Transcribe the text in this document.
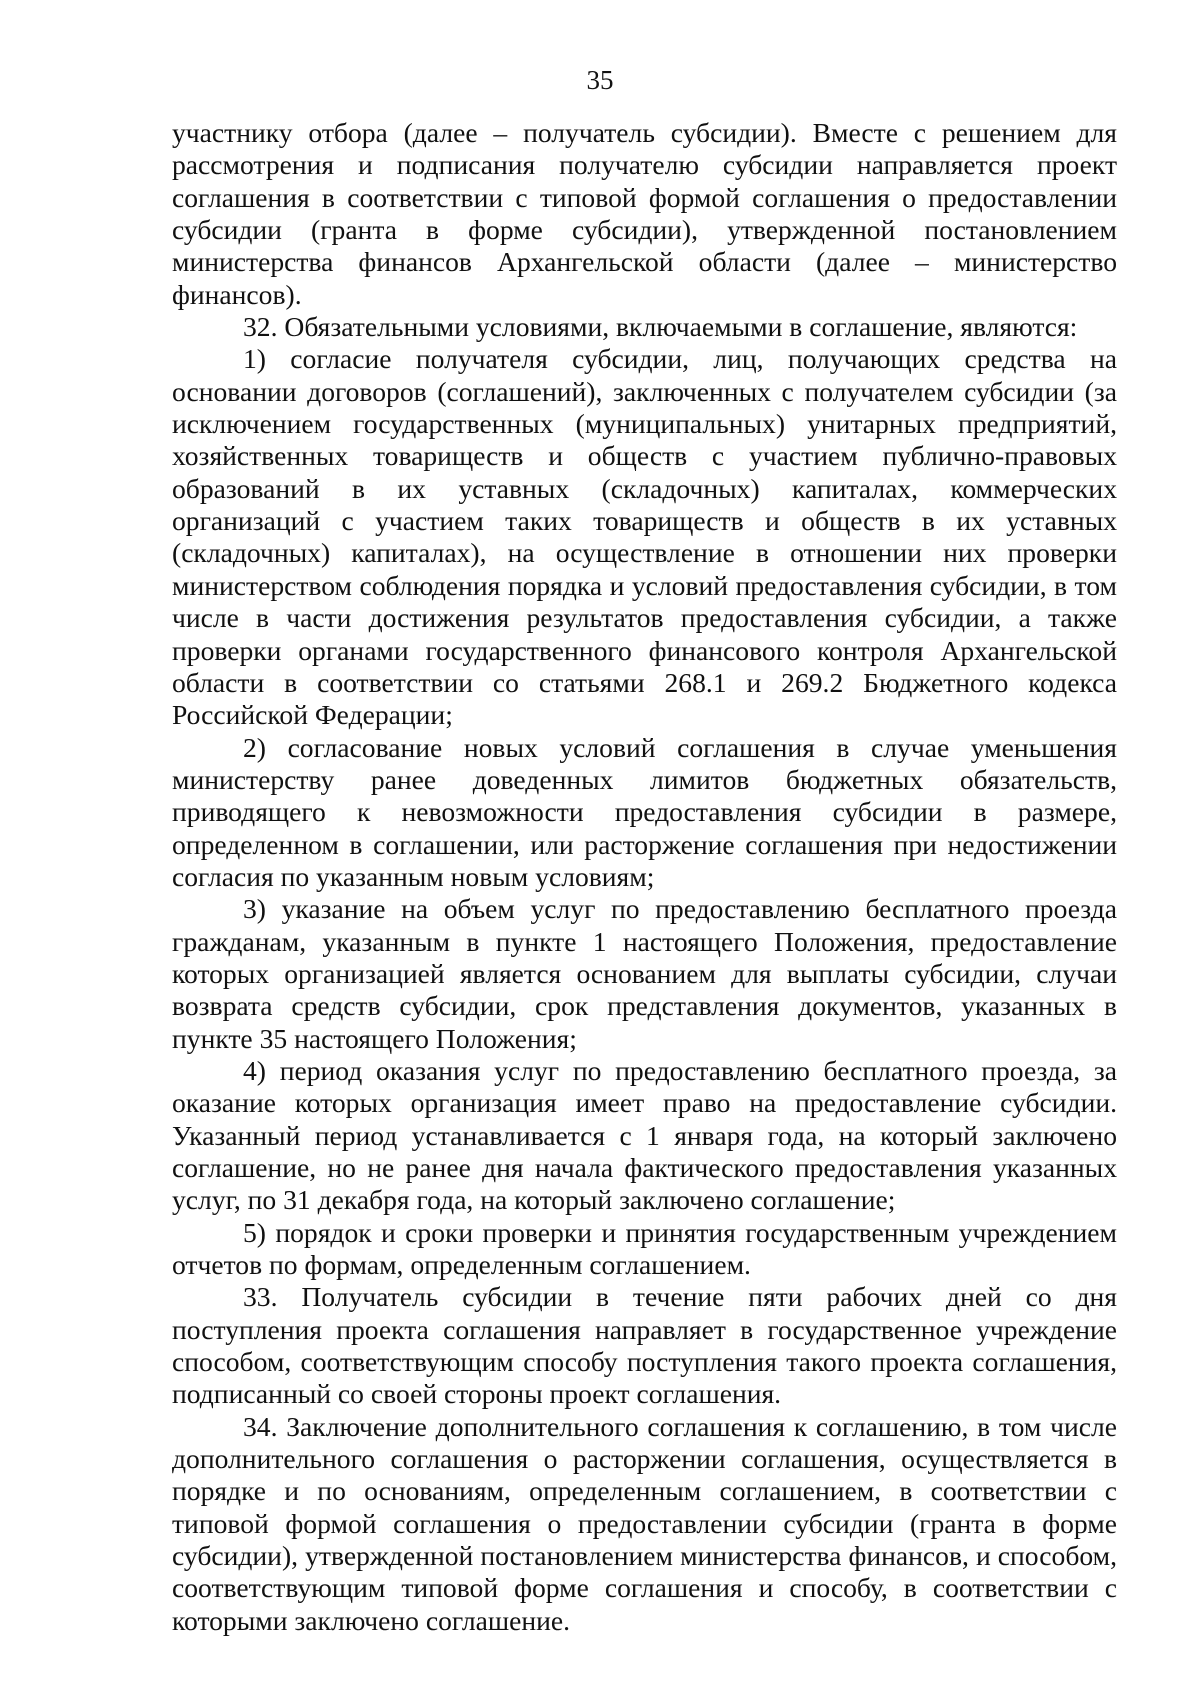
35

участнику отбора (далее – получатель субсидии). Вместе с решением для рассмотрения и подписания получателю субсидии направляется проект соглашения в соответствии с типовой формой соглашения о предоставлении субсидии (гранта в форме субсидии), утвержденной постановлением министерства финансов Архангельской области (далее – министерство финансов).

32. Обязательными условиями, включаемыми в соглашение, являются:

1) согласие получателя субсидии, лиц, получающих средства на основании договоров (соглашений), заключенных с получателем субсидии (за исключением государственных (муниципальных) унитарных предприятий, хозяйственных товариществ и обществ с участием публично-правовых образований в их уставных (складочных) капиталах, коммерческих организаций с участием таких товариществ и обществ в их уставных (складочных) капиталах), на осуществление в отношении них проверки министерством соблюдения порядка и условий предоставления субсидии, в том числе в части достижения результатов предоставления субсидии, а также проверки органами государственного финансового контроля Архангельской области в соответствии со статьями 268.1 и 269.2 Бюджетного кодекса Российской Федерации;

2) согласование новых условий соглашения в случае уменьшения министерству ранее доведенных лимитов бюджетных обязательств, приводящего к невозможности предоставления субсидии в размере, определенном в соглашении, или расторжение соглашения при недостижении согласия по указанным новым условиям;

3) указание на объем услуг по предоставлению бесплатного проезда гражданам, указанным в пункте 1 настоящего Положения, предоставление которых организацией является основанием для выплаты субсидии, случаи возврата средств субсидии, срок представления документов, указанных в пункте 35 настоящего Положения;

4) период оказания услуг по предоставлению бесплатного проезда, за оказание которых организация имеет право на предоставление субсидии. Указанный период устанавливается с 1 января года, на который заключено соглашение, но не ранее дня начала фактического предоставления указанных услуг, по 31 декабря года, на который заключено соглашение;

5) порядок и сроки проверки и принятия государственным учреждением отчетов по формам, определенным соглашением.

33. Получатель субсидии в течение пяти рабочих дней со дня поступления проекта соглашения направляет в государственное учреждение способом, соответствующим способу поступления такого проекта соглашения, подписанный со своей стороны проект соглашения.

34. Заключение дополнительного соглашения к соглашению, в том числе дополнительного соглашения о расторжении соглашения, осуществляется в порядке и по основаниям, определенным соглашением, в соответствии с типовой формой соглашения о предоставлении субсидии (гранта в форме субсидии), утвержденной постановлением министерства финансов, и способом, соответствующим типовой форме соглашения и способу, в соответствии с которыми заключено соглашение.
